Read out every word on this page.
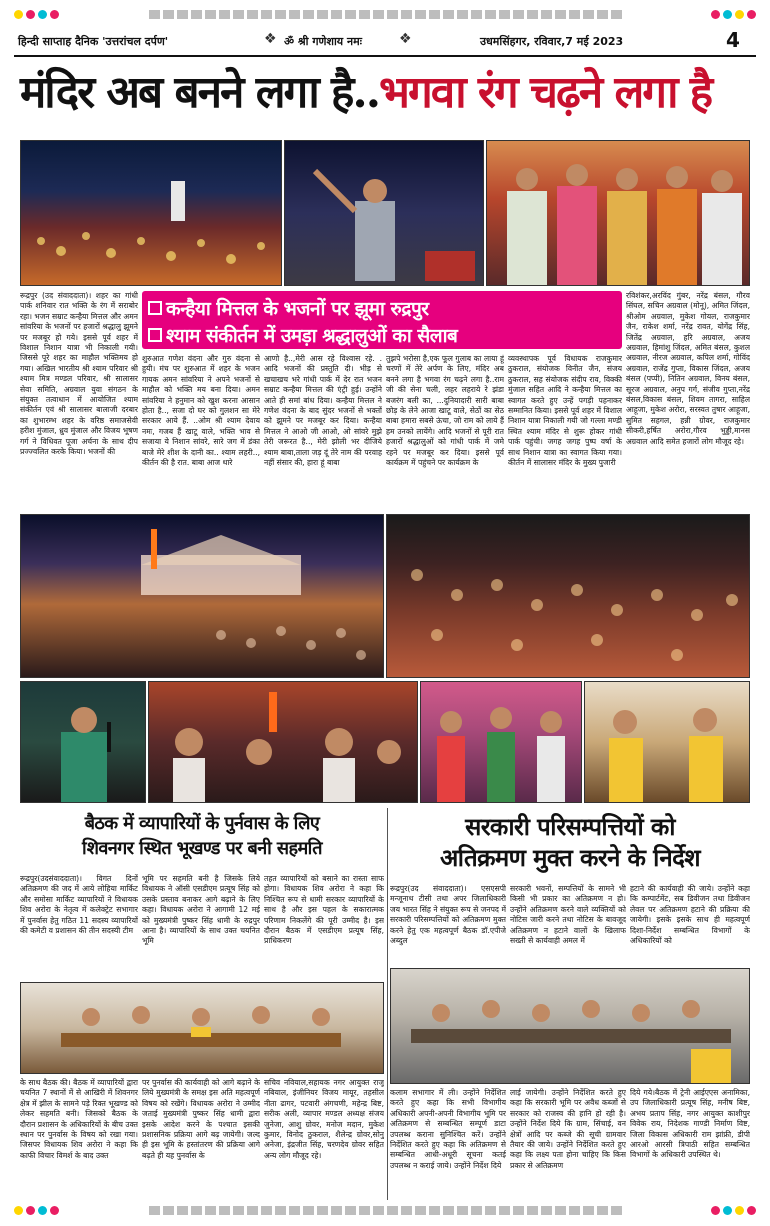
हिन्दी साप्ताह दैनिक 'उत्तरांचल दर्पण'	❖ ॐ श्री गणेशाय नमः	❖	उधमसिंहगर, रविवार,7 मई 2023	4
मंदिर अब बनने लगा है..भगवा रंग चढ़ने लगा है
रूद्रपुर (उद संवाददाता)। शहर का गांधी पार्क शनिवार रात भक्ति के रंग में सराबोर रहा। भजन सम्राट कन्हैया मित्तल और अमन सांवरिया के भजनों पर हजारों श्रद्धालु झूमने पर मजबूर हो गये। इससे पूर्व शहर में विशाल निशान यात्रा भी निकाली गयी। जिससे पूरे शहर का माहौल भक्तिमय हो गया। अखिल भारतीय श्री श्याम परिवार श्री श्याम मित्र मण्डल परिवार, श्री सालासर सेवा समिति, अग्रवाल युवा संगठन के संयुक्त तत्वाधान में आयोजित श्याम संकीर्तन एवं श्री सालासर बालाजी दरबार का शुभारम्भ शहर के वरिष्ठ समाजसेवी हरीश मुंजाल, ध्रुव मुंजाल और विजय भूषण गर्ग ने विधिवत पूजा अर्चना के साथ दीप प्रज्ज्वलित करके किया। भजनों की
रविशंकर,अरविंद गुंबर, नरेंद्र बंसल, गौरव सिंघल, सचिन अग्रवाल (मोनू), अमित जिंदल, श्रीओम अग्रवाल, मुकेश गोयल, राजकुमार जैन, राकेश शर्मा, नरेंद्र रावत, योगेंद्र सिंह, जितेंद्र अग्रवाल, हरि अग्रवाल, अजय अग्रवाल, हिमांशु जिंदल, अमित बंसल, कुशल अग्रवाल, नीरज अग्रवाल, कपिल शर्मा, गोविंद अग्रवाल, राजेंद्र गुप्ता, विकास जिंदल, अजय बंसल (पप्पी), नितिन अग्रवाल, विनय बंसल, सूरज अग्रवाल, अनुप गर्ग, संजीव गुप्ता,नरेंद्र बंसल,विकास बंसल, शिवम तागरा, साहिल आहूजा, मुकेश अरोरा, सरस्वत तुषार आहूजा, सुमित सहगल, हन्नी ग्रोवर, राजकुमार सीकरी,हर्षित अरोरा,गौरव भुड्डी,मानस अग्रवाल आदि समेत हजारों लोग मौजूद रहे।
कन्हैया मित्तल के भजनों पर झूमा रुद्रपुर
श्याम संकीर्तन में उमड़ा श्रद्धालुओं का सैलाब
शुरुआत गणेश वंदना और गुरु वंदना से हुयी। मंच पर शुरुआत में शहर के भजन गायक अमन सांवरिया ने अपने भजनों से माहौल को भक्ति मय बना दिया। अमन सांवरिया ने हनुमान को खुश करना आसान होता है.., सजा दो घर को गुलशन सा मेरे सरकार आये हैं. ..ओम श्री श्याम देवाय नमः, गजब हैं खाटू वाले, भक्ति भाव से सजाया ये निशान सांवरे, सारे जग में डंका बाजे मेरे शीश के दानी का.. श्याम लहरी.., कीर्तन की है रात. बाबा आज थारे
आणो है..,मेरी आस रहे विश्वास रहे. . आदि भजनों की प्रस्तुति दी। भीड़ से खचाखच भरे गांधी पार्क में देर रात भजन सम्राट कन्हैया मित्तल की एंट्री हुई। उन्होंने आते ही समां बांध दिया। कन्हैया मित्तल ने गणेश वंदना के बाद सुंदर भजनों से भक्तों को झूमने पर मजबूर कर दिया। कन्हैया मित्तल ने आओ जी आओ, ओ सांवरे मुझे तेरी जरूरत है.., मेरी झोली भर दीजिये श्याम बाबा,ताला जड़ दूं तेरे नाम की परवाह नहीं संसार की, हारा हूं बाबा
तुझपे भरोसा है,एक फूल गुलाब का लाया हूं चरणों में तेरे अर्पण के लिए, मंदिर अब बनने लगा है भगवा रंग चढ़ने लगा है..राम जी की सेना चली, लहर लहराये रे झंडा बजरंग बली का, ...दुनियादारी सारी बाबा छोड़ के लेने आजा खाटू वाले, सेठों का सेठ बाबा हमारा सबसे ऊंचा, जो राम को लाये हैं हम उनको लायेंगे। आदि भजनों से पूरी रात हजारों श्रद्धालुओं को गांधी पार्क में जमे रहने पर मजबूर कर दिया। इससे पूर्व कार्यक्रम में पहुंचने पर कार्यक्रम के
व्यवस्थापक पूर्व विधायक राजकुमार ठुकराल, संयोजक विनीत जैन, संजय ठुकराल, सह संयोजक संदीप राव, विक्की मुंजाल सहित आदि ने कन्हैया मित्तल का स्वागत करते हुए उन्हें पगड़ी पहनाकर सम्मानित किया। इससे पूर्व शहर में विशाल निशान यात्रा निकाली गयी जो गल्ला मण्डी स्थित श्याम मंदिर से शुरू होकर गांधी पार्क पहुंची। जगह जगह पुष्प वर्षा के साथ निशान यात्रा का स्वागत किया गया। कीर्तन में सालासर मंदिर के मुख्य पुजारी
बैठक में व्यापारियों के पुर्नवास के लिए
शिवनगर स्थित भूखण्ड पर बनी सहमति
सरकारी परिसम्पत्तियों को
अतिक्रमण मुक्त करने के निर्देश
रूद्रपुर(उदसंवाददाता)। विगत दिनों अतिक्रमण की जद में आये लोहिया मार्किट और समोसा मार्किट व्यापारियों ने विधायक शिव अरोरा के नेतृत्व में कलेक्ट्रेट सभागार में पुनर्वास हेतु गठित 11 सदस्य व्यापारियों की कमेटी व प्रशासन की तीन सदस्यी टीम
भूमि पर सहमति बनी है जिसके लिये विधायक ने ऑसी एसडीएम प्रत्यूष सिंह को उसके प्रस्ताव बनाकर आगे बढ़ाने के लिए कहा। विधायक अरोरा ने आगामी 12 मई को मुख्यमंत्री पुष्कर सिंह धामी के रुद्रपुर आना है। व्यापारियों के साथ उक्त चयनित भूमि
तहत व्यापारियों को बसाने का रास्ता साफ होगा। विधायक शिव अरोरा ने कहा कि निश्चित रूप से धामी सरकार व्यापारियों के साथ है और इस पहल के सकारात्मक परिणाम निकलेंगे की पूरी उम्मीद है। इस दौरान बैठक में एसडीएम प्रत्यूष सिंह, प्राधिकरण
रूद्रपुर(उद संवाददाता)। एसएसपी मन्जूनाथ टीसी तथा अपर जिलाधिकारी जय भारत सिंह ने संयुक्त रूप से जनपद में सरकारी परिसम्पत्तियों को अतिक्रमण मुक्त करने हेतु एक महत्वपूर्ण बैठक डॉ.एपीजे अब्दुल
सरकारी भवनों, सम्पत्तियों के सामने भी किसी भी प्रकार का अतिक्रमण न हो। उन्होंने अतिक्रमण करने वाले व्यक्तियों को नोटिस जारी करने तथा नोटिस के बावजूद अतिक्रमण न हटाने वालों के खिलाफ सख्ती से कार्यवाही अमल में
हटाने की कार्यवाही की जाये। उन्होंने कहा कि कम्पार्टमेंट, सब डिवीजन तथा डिवीजन लेवल पर अतिक्रमण हटाने की प्रक्रिया की जायेगी। इसके इसके साथ ही महत्वपूर्ण दिशा-निर्देश सम्बन्धित विभागों के अधिकारियों को
के साथ बैठक की। बैठक में व्यापारियों द्वारा चयनित 7 स्थानों में से आखिरी में शिवनगर क्षेत्र में झील के सामने पड़े रिक्त भूखण्ड को लेकर सहमति बनी। जिसको बैठक के दौरान प्रशासन के अधिकारियों के बीच उक्त स्थान पर पुनर्वास के विषय को रखा गया। जिसपर विधायक शिव अरोरा ने कहा कि काफी विचार विमर्श के बाद उक्त
पर पुनर्वास की कार्यवाही को आगे बढ़ाने के लिये मुख्यमंत्री के समक्ष इस अति महत्वपूर्ण विषय को रखेंगे। विधायक अरोरा ने उम्मीद जताई मुख्यमंत्री पुष्कर सिंह धामी द्वारा इसके आदेश करने के पश्चात इसकी प्रशासनिक प्रक्रिया आगे बढ़ जायेगी। जल्द ही इस भूमि के हस्तांतरण की प्रक्रिया आगे बढ़ते ही यह पुनर्वास के
सचिव नवियाल,सहायक नगर आयुक्त राजू नबियाल, इंजीनियर विजय मायूर, तहसील नीता ढागर, पटवारी अंगचणी, महेन्द्र बिष्ट, सरीक अली, व्यापार मण्डल अध्यक्ष संजय जुनेजा, आशु ग्रोवर, मनोज मदान, मुकेश कुमार, विनोद ठुकराल, शैलेन्द्र ग्रोवर,सोनु अनेजा, इंद्रजीत सिंह, चरणदेव ग्रोवर सहित अन्य लोग मौजूद रहे।
कलाम सभागार में ली। उन्होंने निर्देशित करते हुए कहा कि सभी विभागीय अधिकारी अपनी-अपनी विभागीय भूमि पर अतिक्रमण से सम्बन्धित सम्पूर्ण डाटा उपलब्ध कराना सुनिश्चित करें। उन्होंने निर्देशित करते हुए कहा कि अतिक्रमण से सम्बन्धित आधी-अधूरी सूचना कतई उपलब्ध न कराई जाये। उन्होंने निर्देश दिये
लाई जायेगी। उन्होंने निर्देशित करते हुए कहा कि सरकारी भूमि पर अवैध कब्जों से सरकार को राजस्व की हानि हो रही है। उन्होंने निर्देश दिये कि ग्राम, सिंचाई, वन क्षेत्रों आदि पर कब्जे की सूची ग्रामवार तैयार की जाये। उन्होंने निर्देशित करते हुए कहा कि लक्ष्य पता होना चाहिए कि किस प्रकार से अतिक्रमण
दिये गये।बैठक में ट्रेनी आईएएस अनामिका, उप जिलाधिकारी प्रत्यूष सिंह, मनीष बिष्ट, अभय प्रताप सिंह, नगर आयुक्त काशीपुर विवेक राय, निदेशक गाण्डी निर्माण विष्ट, जिला विकास अधिकारी राम झांफ्री, डीपी आरओ आरसी त्रिपाठी सहित सम्बन्धित विभागों के अधिकारी उपस्थित थे।
